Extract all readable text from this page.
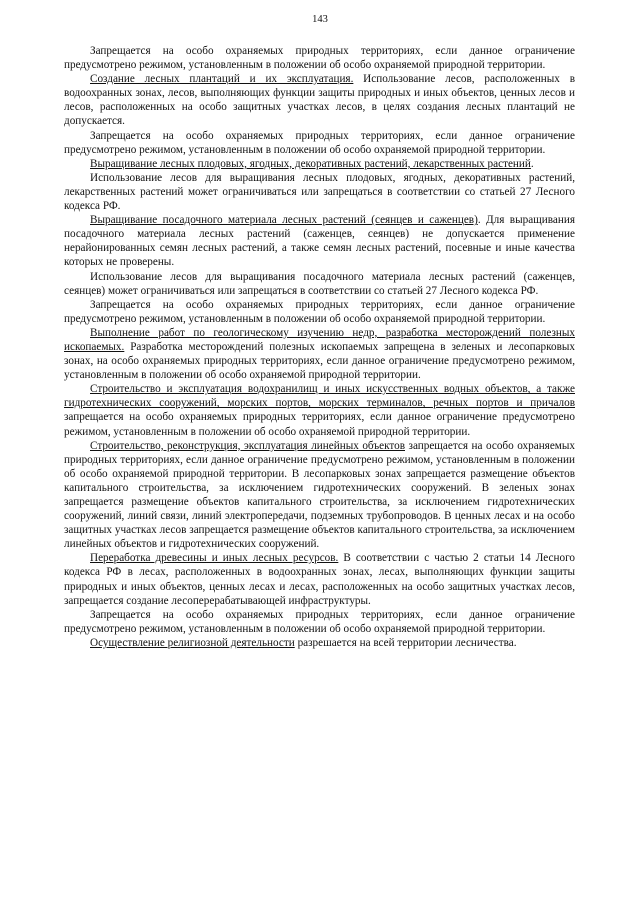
143

Запрещается на особо охраняемых природных территориях, если данное ограничение предусмотрено режимом, установленным в положении об особо охраняемой природной территории.

Создание лесных плантаций и их эксплуатация. Использование лесов, расположенных в водоохранных зонах, лесов, выполняющих функции защиты природных и иных объектов, ценных лесов и лесов, расположенных на особо защитных участках лесов, в целях создания лесных плантаций не допускается.

Запрещается на особо охраняемых природных территориях, если данное ограничение предусмотрено режимом, установленным в положении об особо охраняемой природной территории.

Выращивание лесных плодовых, ягодных, декоративных растений, лекарственных растений.

Использование лесов для выращивания лесных плодовых, ягодных, декоративных растений, лекарственных растений может ограничиваться или запрещаться в соответствии со статьей 27 Лесного кодекса РФ.

Выращивание посадочного материала лесных растений (сеянцев и саженцев). Для выращивания посадочного материала лесных растений (саженцев, сеянцев) не допускается применение нерайонированных семян лесных растений, а также семян лесных растений, посевные и иные качества которых не проверены.

Использование лесов для выращивания посадочного материала лесных растений (саженцев, сеянцев) может ограничиваться или запрещаться в соответствии со статьей 27 Лесного кодекса РФ.

Запрещается на особо охраняемых природных территориях, если данное ограничение предусмотрено режимом, установленным в положении об особо охраняемой природной территории.

Выполнение работ по геологическому изучению недр, разработка месторождений полезных ископаемых. Разработка месторождений полезных ископаемых запрещена в зеленых и лесопарковых зонах, на особо охраняемых природных территориях, если данное ограничение предусмотрено режимом, установленным в положении об особо охраняемой природной территории.

Строительство и эксплуатация водохранилищ и иных искусственных водных объектов, а также гидротехнических сооружений, морских портов, морских терминалов, речных портов и причалов запрещается на особо охраняемых природных территориях, если данное ограничение предусмотрено режимом, установленным в положении об особо охраняемой природной территории.

Строительство, реконструкция, эксплуатация линейных объектов запрещается на особо охраняемых природных территориях, если данное ограничение предусмотрено режимом, установленным в положении об особо охраняемой природной территории. В лесопарковых зонах запрещается размещение объектов капитального строительства, за исключением гидротехнических сооружений. В зеленых зонах запрещается размещение объектов капитального строительства, за исключением гидротехнических сооружений, линий связи, линий электропередачи, подземных трубопроводов. В ценных лесах и на особо защитных участках лесов запрещается размещение объектов капитального строительства, за исключением линейных объектов и гидротехнических сооружений.

Переработка древесины и иных лесных ресурсов. В соответствии с частью 2 статьи 14 Лесного кодекса РФ в лесах, расположенных в водоохранных зонах, лесах, выполняющих функции защиты природных и иных объектов, ценных лесах и лесах, расположенных на особо защитных участках лесов, запрещается создание лесоперерабатывающей инфраструктуры.

Запрещается на особо охраняемых природных территориях, если данное ограничение предусмотрено режимом, установленным в положении об особо охраняемой природной территории.

Осуществление религиозной деятельности разрешается на всей территории лесничества.
